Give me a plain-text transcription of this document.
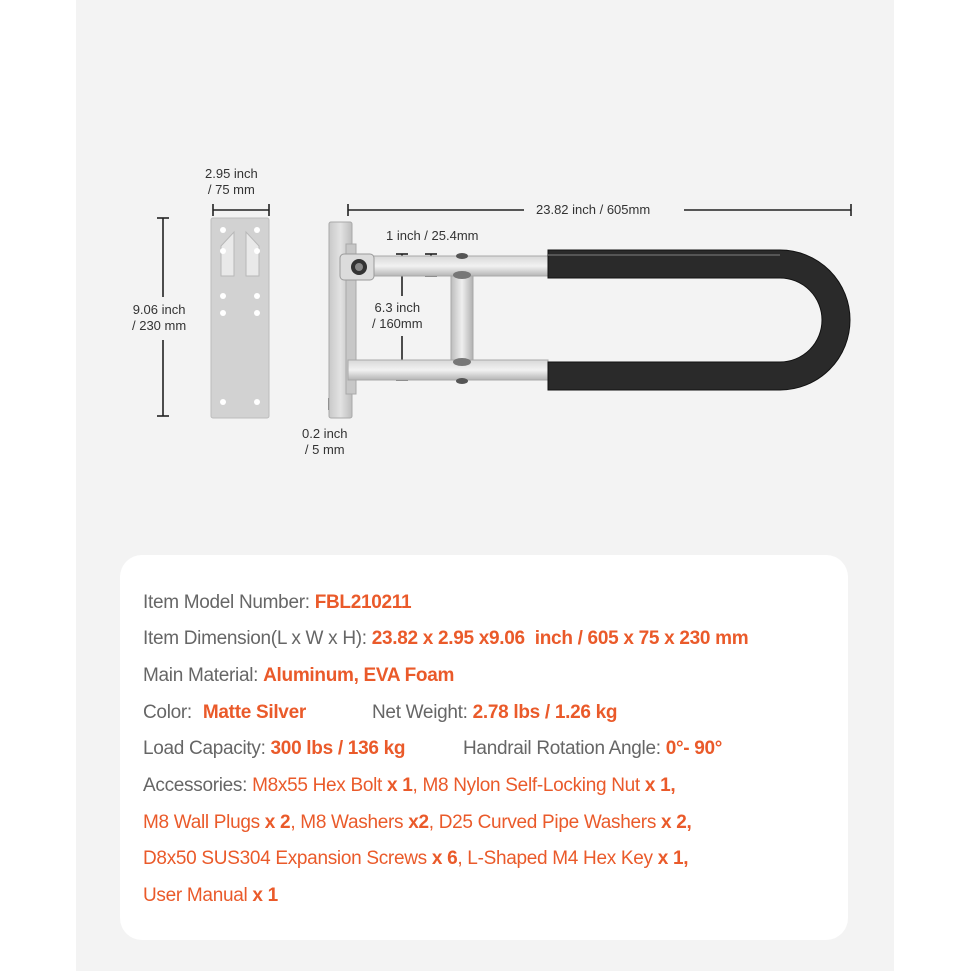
2.95 inch
/ 75 mm
9.06 inch
/ 230 mm
23.82 inch / 605mm
1 inch / 25.4mm
6.3 inch
/ 160mm
0.2 inch
/ 5 mm
Item Model Number: FBL210211
Item Dimension(L x W x H): 23.82 x 2.95 x9.06  inch / 605 x 75 x 230 mm
Main Material: Aluminum, EVA Foam
Color: Matte Silver	Net Weight: 2.78 lbs / 1.26 kg
Load Capacity: 300 lbs / 136 kg	Handrail Rotation Angle: 0°- 90°
Accessories: M8x55 Hex Bolt x 1, M8 Nylon Self-Locking Nut x 1,
M8 Wall Plugs x 2, M8 Washers x2, D25 Curved Pipe Washers x 2,
D8x50 SUS304 Expansion Screws x 6, L-Shaped M4 Hex Key x 1,
User Manual x 1
